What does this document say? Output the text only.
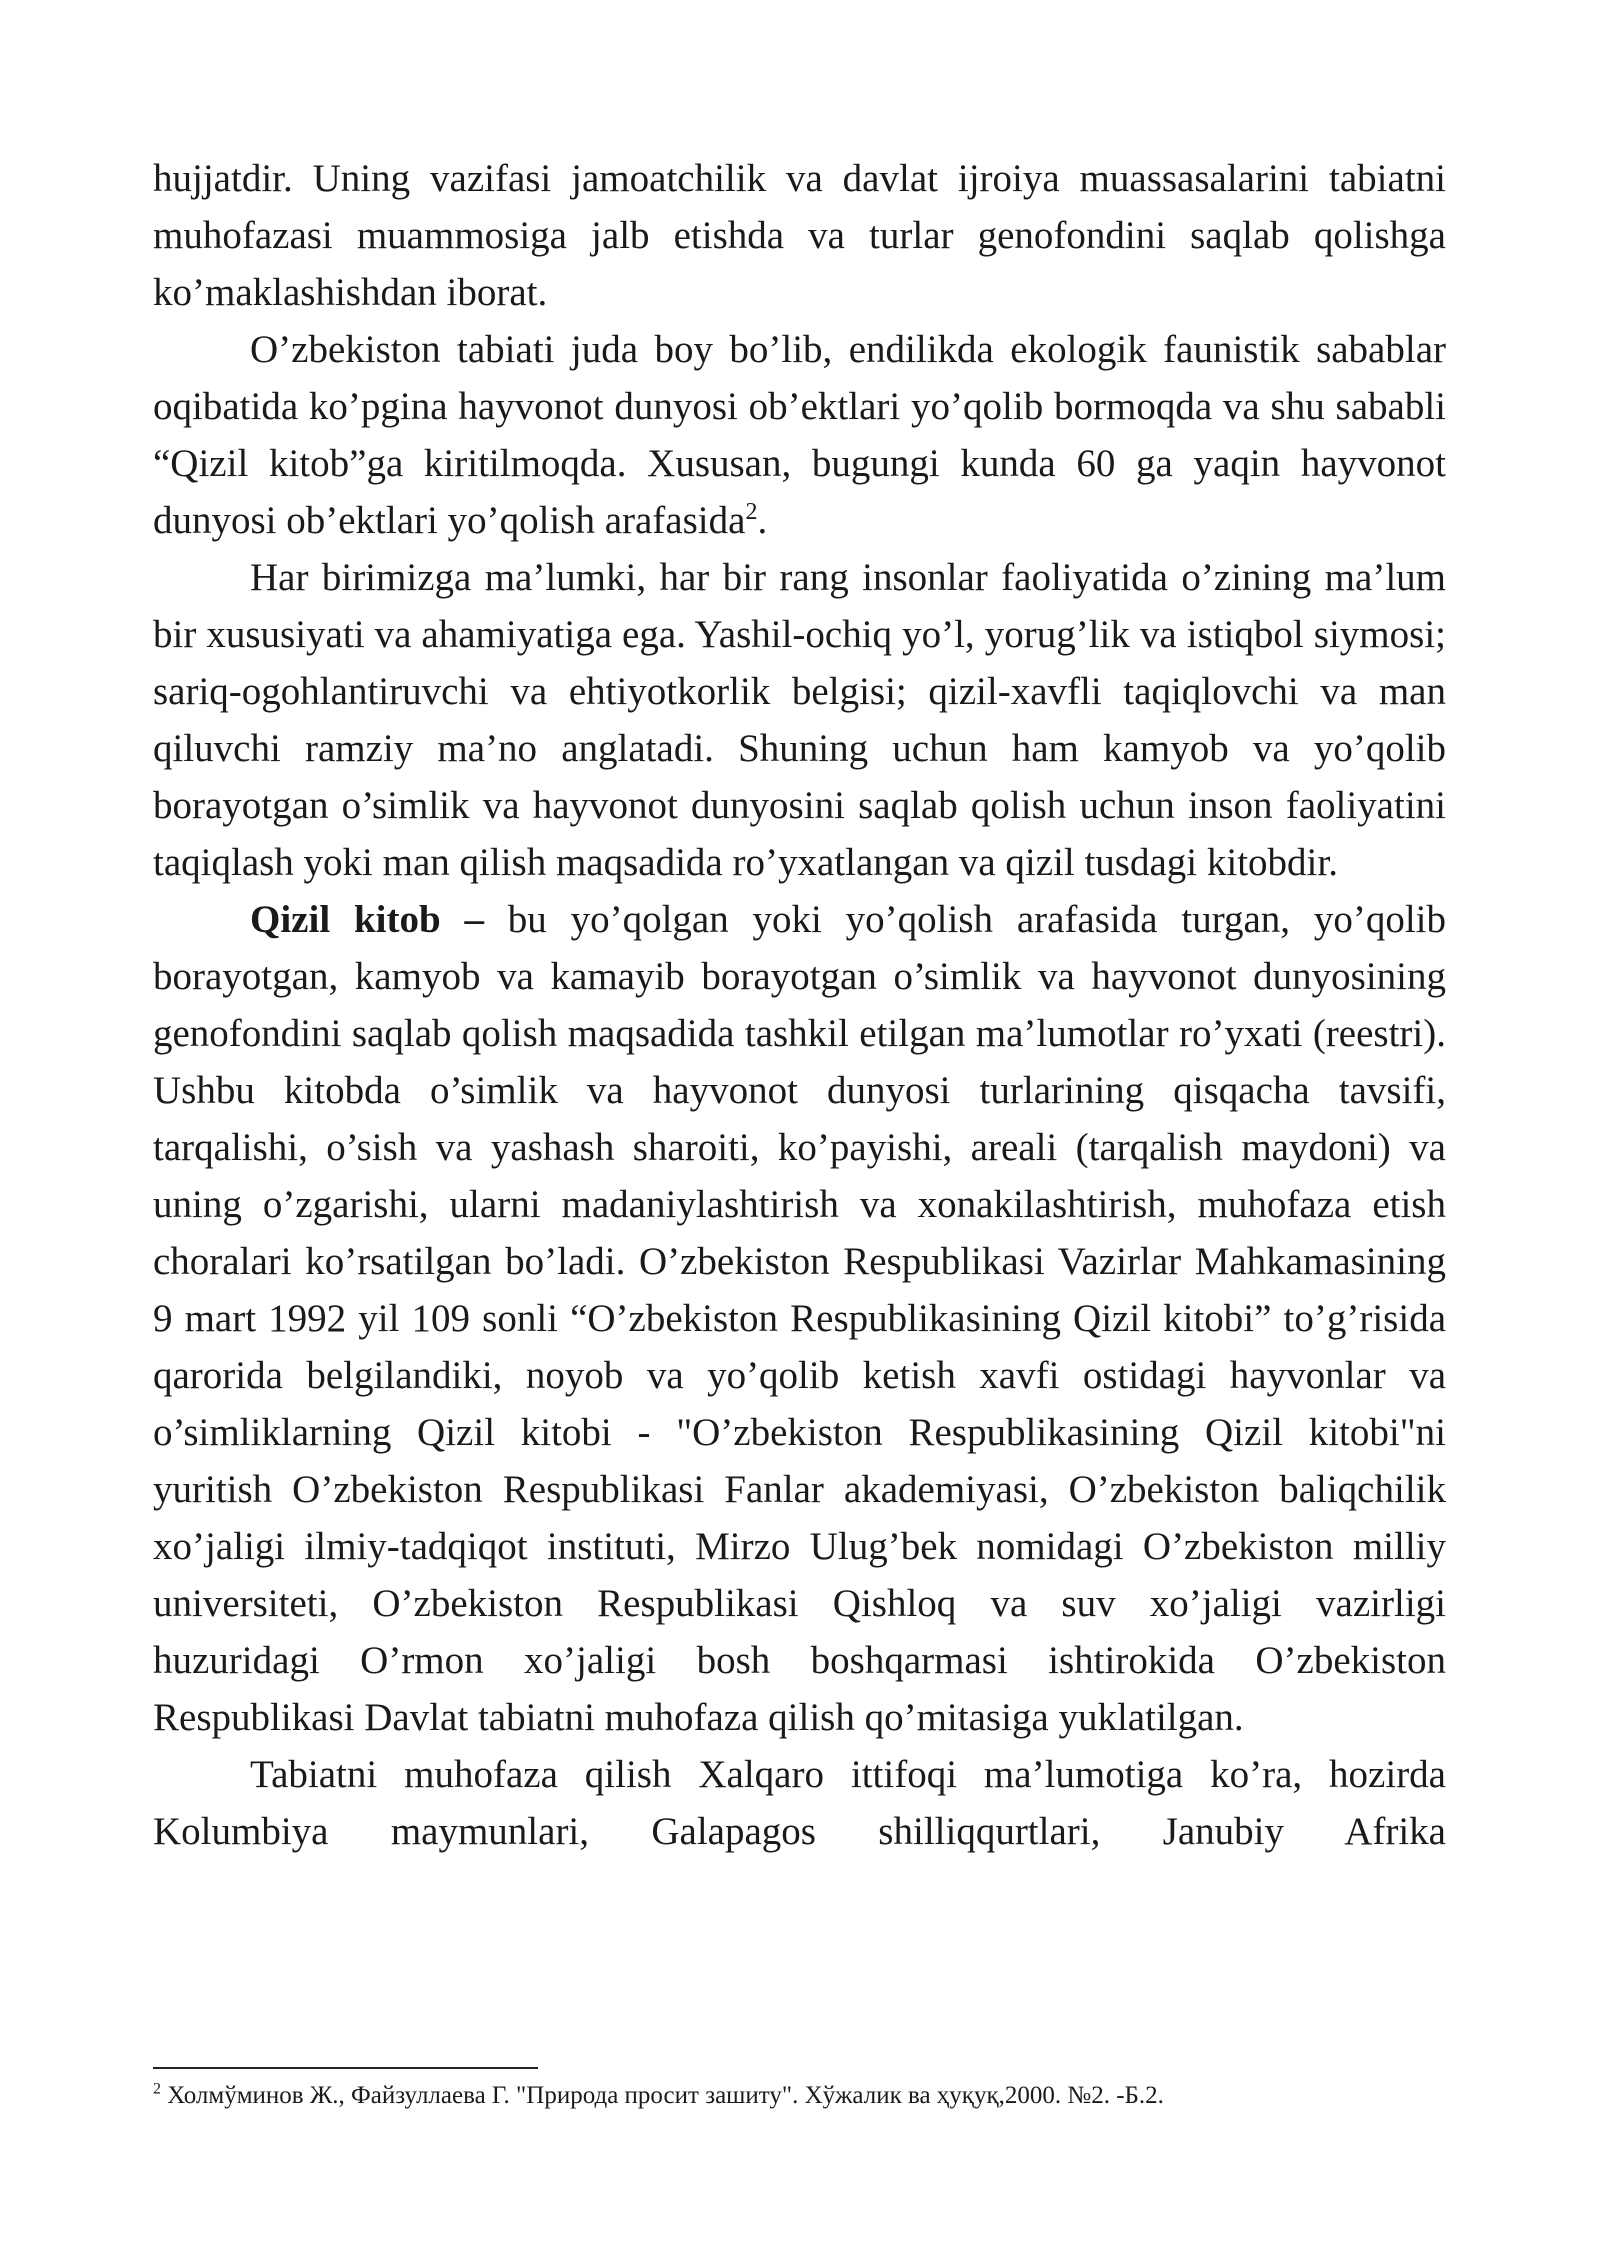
hujjatdir. Uning vazifasi jamoatchilik va davlat ijroiya muassasalarini tabiatni muhofazasi muammosiga jalb etishda va turlar genofondini saqlab qolishga ko’maklashishdan iborat.

O’zbekiston tabiati juda boy bo’lib, endilikda ekologik faunistik sabablar oqibatida ko’pgina hayvonot dunyosi ob’ektlari yo’qolib bormoqda va shu sababli “Qizil kitob”ga kiritilmoqda. Xususan, bugungi kunda 60 ga yaqin hayvonot dunyosi ob’ektlari yo’qolish arafasida$^2$.

Har birimizga ma’lumki, har bir rang insonlar faoliyatida o’zining ma’lum bir xususiyati va ahamiyatiga ega. Yashil-ochiq yo’l, yorug’lik va istiqbol siymosi; sariq-ogohlantiruvchi va ehtiyotkorlik belgisi; qizil-xavfli taqiqlovchi va man qiluvchi ramziy ma’no anglatadi. Shuning uchun ham kamyob va yo’qolib borayotgan o’simlik va hayvonot dunyosini saqlab qolish uchun inson faoliyatini taqiqlash yoki man qilish maqsadida ro’yxatlangan va qizil tusdagi kitobdir.

Qizil kitob – bu yo’qolgan yoki yo’qolish arafasida turgan, yo’qolib borayotgan, kamyob va kamayib borayotgan o’simlik va hayvonot dunyosining genofondini saqlab qolish maqsadida tashkil etilgan ma’lumotlar ro’yxati (reestri). Ushbu kitobda o’simlik va hayvonot dunyosi turlarining qisqacha tavsifi, tarqalishi, o’sish va yashash sharoiti, ko’payishi, areali (tarqalish maydoni) va uning o’zgarishi, ularni madaniylashtirish va xonakilashtirish, muhofaza etish choralari ko’rsatilgan bo’ladi. O’zbekiston Respublikasi Vazirlar Mahkamasining 9 mart 1992 yil 109 sonli “O’zbekiston Respublikasining Qizil kitobi” to’g’risida qarorida belgilandiki, noyob va yo’qolib ketish xavfi ostidagi hayvonlar va o’simliklarning Qizil kitobi - "O’zbekiston Respublikasining Qizil kitobi"ni yuritish O’zbekiston Respublikasi Fanlar akademiyasi, O’zbekiston baliqchilik xo’jaligi ilmiy-tadqiqot instituti, Mirzo Ulug’bek nomidagi O’zbekiston milliy universiteti, O’zbekiston Respublikasi Qishloq va suv xo’jaligi vazirligi huzuridagi O’rmon xo’jaligi bosh boshqarmasi ishtirokida O’zbekiston Respublikasi Davlat tabiatni muhofaza qilish qo’mitasiga yuklatilgan.

Tabiatni muhofaza qilish Xalqaro ittifoqi ma’lumotiga ko’ra, hozirda Kolumbiya maymunlari, Galapagos shilliqqurtlari, Janubiy Afrika

$^2$ Холмўминов Ж., Файзуллаева Г. "Природа просит зашиту". Хўжалик ва ҳуқуқ,2000. №2. -Б.2.
